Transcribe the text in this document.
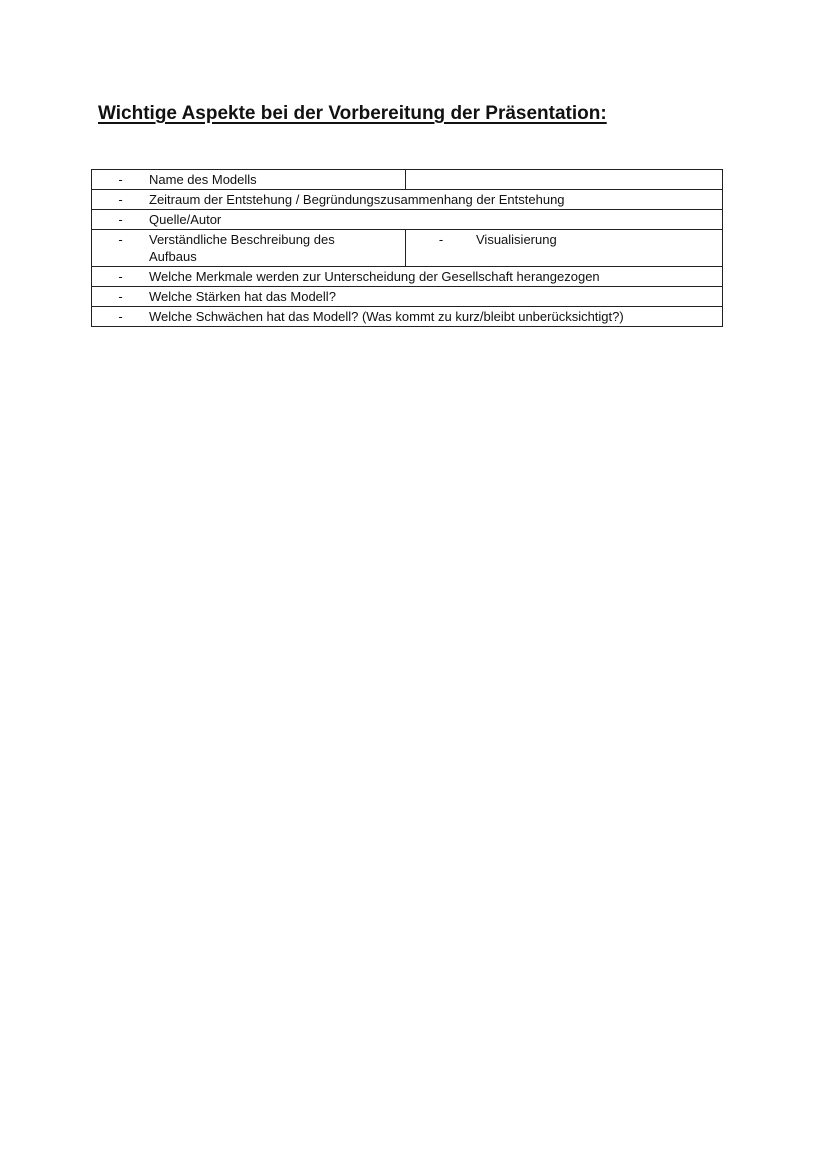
Wichtige Aspekte bei der Vorbereitung der Präsentation:
- Name des Modells	

- Zeitraum der Entstehung / Begründungszusammenhang der Entstehung	

- Quelle/Autor	

- Verständliche Beschreibung des Aufbaus	- Visualisierung

- Welche Merkmale werden zur Unterscheidung der Gesellschaft herangezogen	

- Welche Stärken hat das Modell?	

- Welche Schwächen hat das Modell? (Was kommt zu kurz/bleibt unberücksichtigt?)	
